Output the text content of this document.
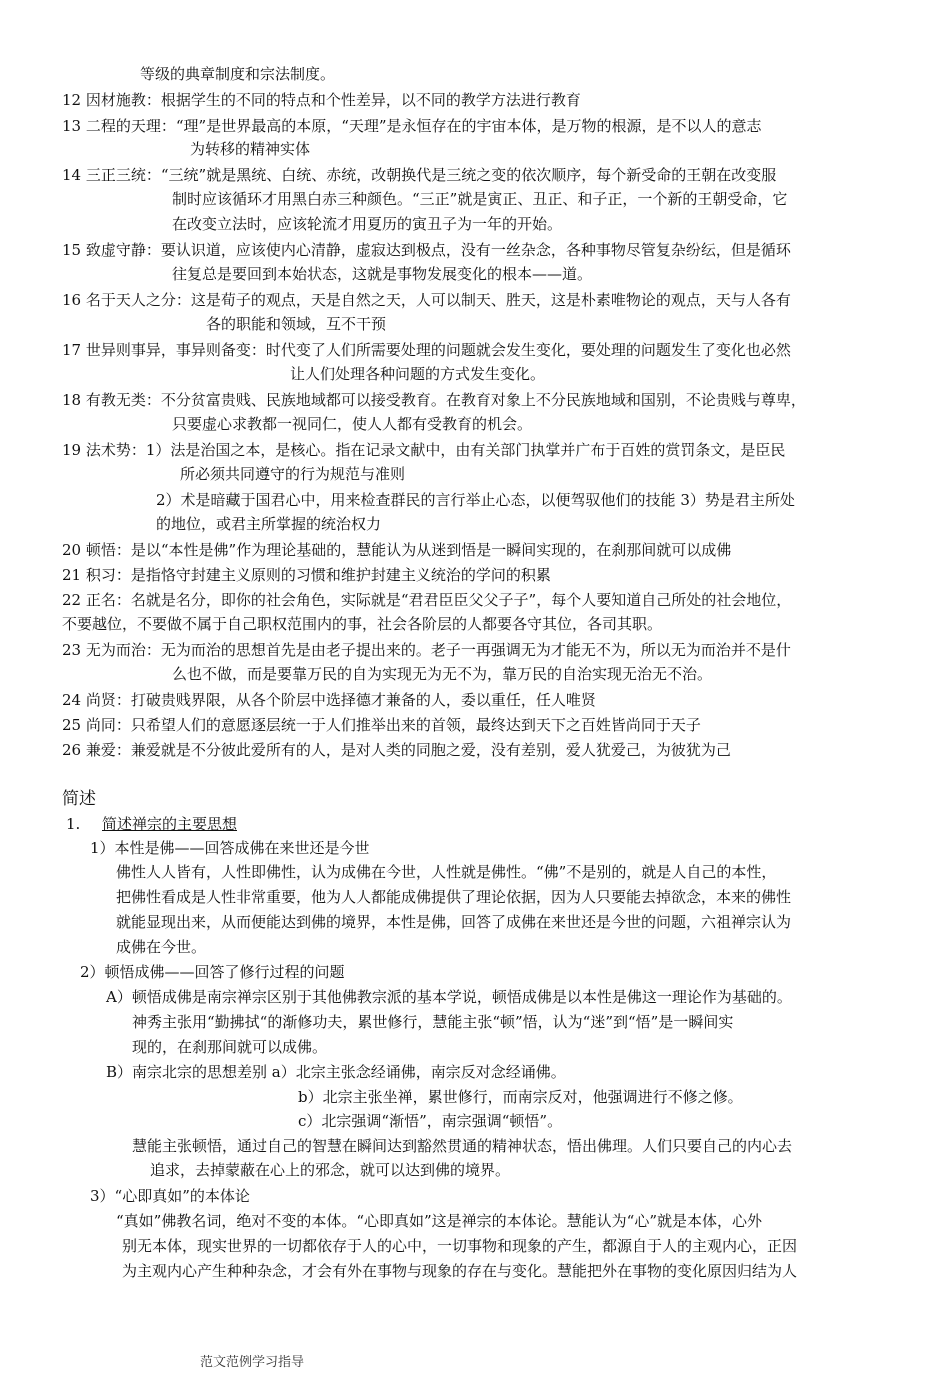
等级的典章制度和宗法制度。
12 因材施教：根据学生的不同的特点和个性差异，以不同的教学方法进行教育
13 二程的天理：“理”是世界最高的本原，“天理”是永恒存在的宇宙本体，是万物的根源，是不以人的意志
为转移的精神实体
14 三正三统：“三统”就是黑统、白统、赤统，改朝换代是三统之变的依次顺序，每个新受命的王朝在改变服
制时应该循环才用黑白赤三种颜色。“三正”就是寅正、丑正、和子正，一个新的王朝受命，它
在改变立法时，应该轮流才用夏历的寅丑子为一年的开始。
15 致虚守静：要认识道，应该使内心清静，虚寂达到极点，没有一丝杂念，各种事物尽管复杂纷纭，但是循环
往复总是要回到本始状态，这就是事物发展变化的根本——道。
16 名于天人之分：这是荀子的观点，天是自然之天，人可以制天、胜天，这是朴素唯物论的观点，天与人各有
各的职能和领域，互不干预
17 世异则事异，事异则备变：时代变了人们所需要处理的问题就会发生变化，要处理的问题发生了变化也必然
让人们处理各种问题的方式发生变化。
18 有教无类：不分贫富贵贱、民族地域都可以接受教育。在教育对象上不分民族地域和国别，不论贵贱与尊卑，
只要虚心求教都一视同仁，使人人都有受教育的机会。
19 法术势：1）法是治国之本，是核心。指在记录文献中，由有关部门执掌并广布于百姓的赏罚条文，是臣民
所必须共同遵守的行为规范与准则
2）术是暗藏于国君心中，用来检查群民的言行举止心态，以便驾驭他们的技能 3）势是君主所处
的地位，或君主所掌握的统治权力
20 顿悟：是以“本性是佛”作为理论基础的，慧能认为从迷到悟是一瞬间实现的，在刹那间就可以成佛
21 积习：是指恪守封建主义原则的习惯和维护封建主义统治的学问的积累
22 正名：名就是名分，即你的社会角色，实际就是“君君臣臣父父子子”，每个人要知道自己所处的社会地位，
不要越位，不要做不属于自己职权范围内的事，社会各阶层的人都要各守其位，各司其职。
23 无为而治：无为而治的思想首先是由老子提出来的。老子一再强调无为才能无不为，所以无为而治并不是什
么也不做，而是要靠万民的自为实现无为无不为，靠万民的自治实现无治无不治。
24 尚贤：打破贵贱界限，从各个阶层中选择德才兼备的人，委以重任，任人唯贤
25 尚同：只希望人们的意愿逐层统一于人们推举出来的首领，最终达到天下之百姓皆尚同于天子
26 兼爱：兼爱就是不分彼此爱所有的人，是对人类的同胞之爱，没有差别，爱人犹爱己，为彼犹为己
简述
1. 简述禅宗的主要思想
1）本性是佛——回答成佛在来世还是今世
佛性人人皆有，人性即佛性，认为成佛在今世，人性就是佛性。“佛”不是别的，就是人自己的本性，
把佛性看成是人性非常重要，他为人人都能成佛提供了理论依据，因为人只要能去掉欲念，本来的佛性
就能显现出来，从而便能达到佛的境界，本性是佛，回答了成佛在来世还是今世的问题，六祖禅宗认为
成佛在今世。
2）顿悟成佛——回答了修行过程的问题
A）顿悟成佛是南宗禅宗区别于其他佛教宗派的基本学说，顿悟成佛是以本性是佛这一理论作为基础的。
神秀主张用“勤拂拭“的渐修功夫，累世修行，慧能主张“顿”悟，认为“迷”到“悟”是一瞬间实
现的，在刹那间就可以成佛。
B）南宗北宗的思想差别 a）北宗主张念经诵佛，南宗反对念经诵佛。
b）北宗主张坐禅，累世修行，而南宗反对，他强调进行不修之修。
c）北宗强调“渐悟”，南宗强调“顿悟”。
慧能主张顿悟，通过自己的智慧在瞬间达到豁然贯通的精神状态，悟出佛理。人们只要自己的内心去
追求，去掉蒙蔽在心上的邪念，就可以达到佛的境界。
3）“心即真如”的本体论
“真如”佛教名词，绝对不变的本体。“心即真如”这是禅宗的本体论。慧能认为“心”就是本体，心外
别无本体，现实世界的一切都依存于人的心中，一切事物和现象的产生，都源自于人的主观内心，正因
为主观内心产生种种杂念，才会有外在事物与现象的存在与变化。慧能把外在事物的变化原因归结为人
范文范例学习指导
